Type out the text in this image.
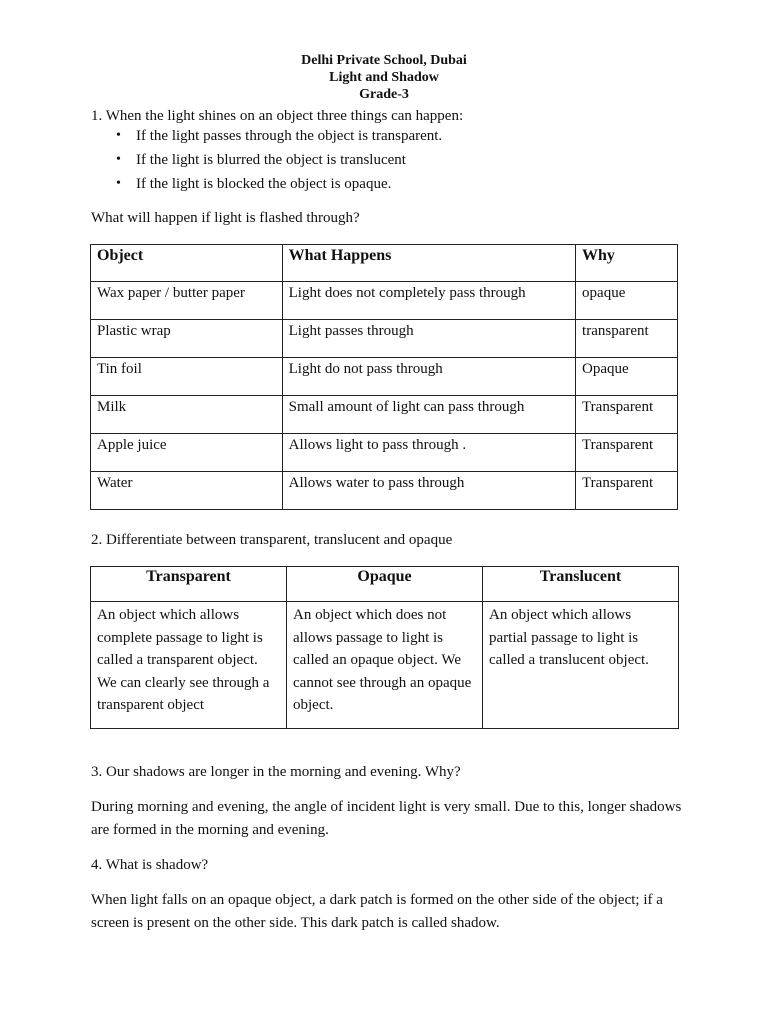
Delhi Private School, Dubai
Light and Shadow
Grade-3
1. When the light shines on an object three things can happen:
• If the light passes through the object is transparent.
• If the light is blurred the object is translucent
• If the light is blocked the object is opaque.
What will happen if light is flashed through?
Object	What Happens	Why
Wax paper / butter paper	Light does not completely pass through	opaque
Plastic wrap	Light passes through	transparent
Tin foil	Light do not pass through	Opaque
Milk	Small amount of light can pass through	Transparent
Apple juice	Allows light to pass through .	Transparent
Water	Allows water to pass through	Transparent
2. Differentiate between transparent, translucent and opaque
Transparent	Opaque	Translucent
An object which allows complete passage to light is called a transparent object. We can clearly see through a transparent object	An object which does not allows passage to light is called an opaque object. We cannot see through an opaque object.	An object which allows partial passage to light is called a translucent object.
3. Our shadows are longer in the morning and evening. Why?
During morning and evening, the angle of incident light is very small. Due to this, longer shadows are formed in the morning and evening.
4. What is shadow?
When light falls on an opaque object, a dark patch is formed on the other side of the object; if a screen is present on the other side. This dark patch is called shadow.
